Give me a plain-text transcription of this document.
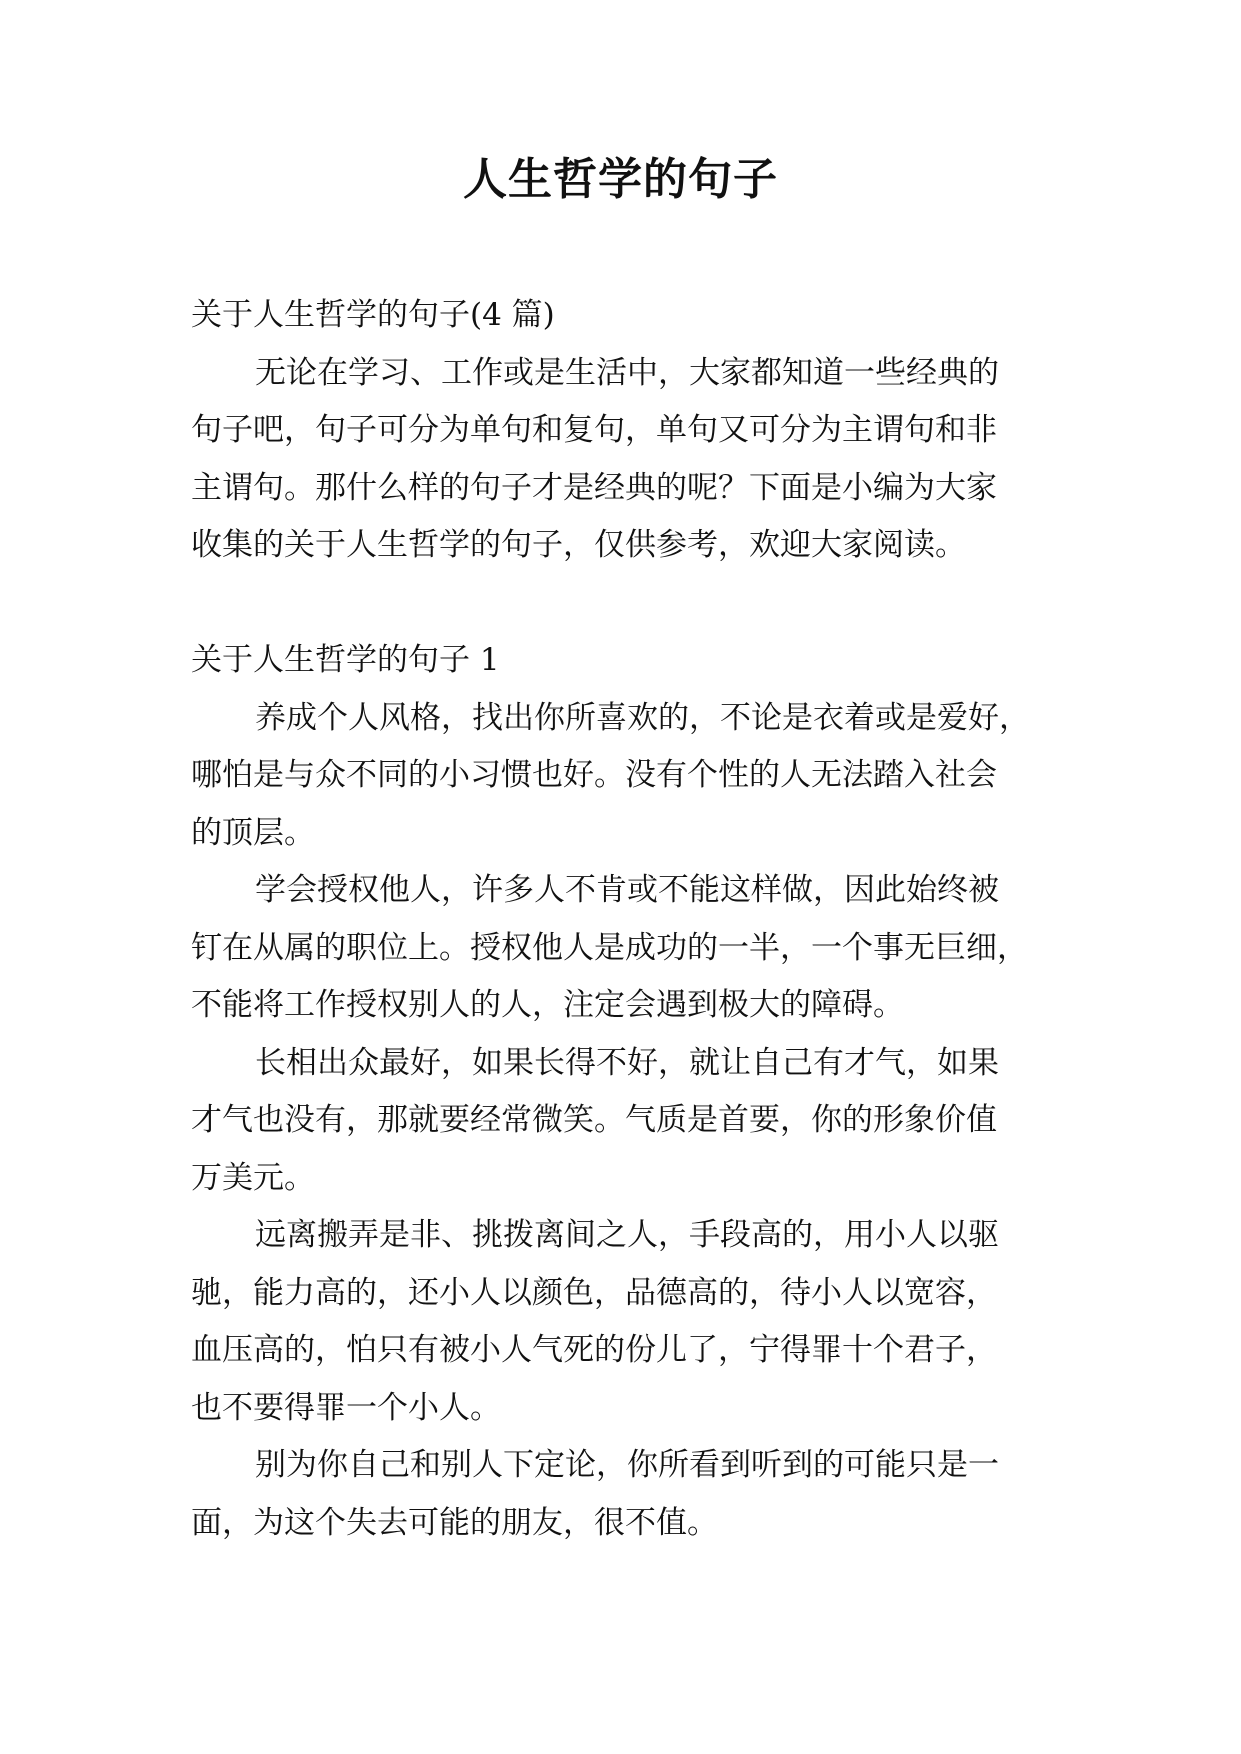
人生哲学的句子

关于人生哲学的句子(4 篇)

无论在学习、工作或是生活中，大家都知道一些经典的

句子吧，句子可分为单句和复句，单句又可分为主谓句和非

主谓句。那什么样的句子才是经典的呢？下面是小编为大家

收集的关于人生哲学的句子，仅供参考，欢迎大家阅读。

关于人生哲学的句子 1

养成个人风格，找出你所喜欢的，不论是衣着或是爱好，

哪怕是与众不同的小习惯也好。没有个性的人无法踏入社会

的顶层。

学会授权他人，许多人不肯或不能这样做，因此始终被

钉在从属的职位上。授权他人是成功的一半，一个事无巨细，

不能将工作授权别人的人，注定会遇到极大的障碍。

长相出众最好，如果长得不好，就让自己有才气，如果

才气也没有，那就要经常微笑。气质是首要，你的形象价值

万美元。

远离搬弄是非、挑拨离间之人，手段高的，用小人以驱

驰，能力高的，还小人以颜色，品德高的，待小人以宽容，

血压高的，怕只有被小人气死的份儿了，宁得罪十个君子，

也不要得罪一个小人。

别为你自己和别人下定论，你所看到听到的可能只是一

面，为这个失去可能的朋友，很不值。
